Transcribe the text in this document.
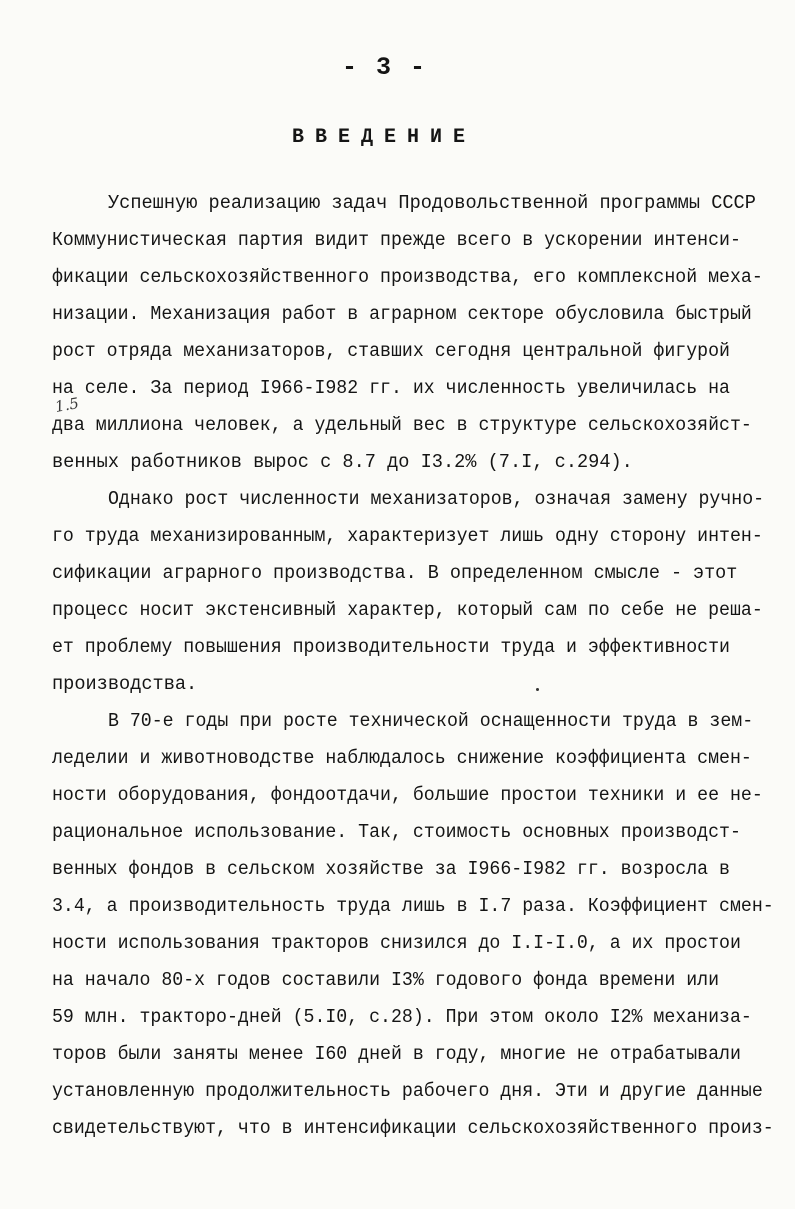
- 3 -
ВВЕДЕНИЕ
1.5
Успешную реализацию задач Продовольственной программы СССР
Коммунистическая партия видит прежде всего в ускорении интенси-
фикации сельскохозяйственного производства, его комплексной меха-
низации. Механизация работ в аграрном секторе обусловила быстрый
рост отряда механизаторов, ставших сегодня центральной фигурой
на селе. За период I966-I982 гг. их численность увеличилась на
два миллиона человек, а удельный вес в структуре сельскохозяйст-
венных работников вырос с 8.7 до I3.2% (7.I, с.294).
Однако рост численности механизаторов, означая замену ручно-
го труда механизированным, характеризует лишь одну сторону интен-
сификации аграрного производства. В определенном смысле - этот
процесс носит экстенсивный характер, который сам по себе не реша-
ет проблему повышения производительности труда и эффективности
производства.
В 70-е годы при росте технической оснащенности труда в зем-
леделии и животноводстве наблюдалось снижение коэффициента смен-
ности оборудования, фондоотдачи, большие простои техники и ее не-
рациональное использование. Так, стоимость основных производст-
венных фондов в сельском хозяйстве за I966-I982 гг. возросла в
3.4, а производительность труда лишь в I.7 раза. Коэффициент смен-
ности использования тракторов снизился до I.I-I.0, а их простои
на начало 80-х годов составили I3% годового фонда времени или
59 млн. тракторо-дней (5.I0, с.28). При этом около I2% механиза-
торов были заняты менее I60 дней в году, многие не отрабатывали
установленную продолжительность рабочего дня. Эти и другие данные
свидетельствуют, что в интенсификации сельскохозяйственного произ-
